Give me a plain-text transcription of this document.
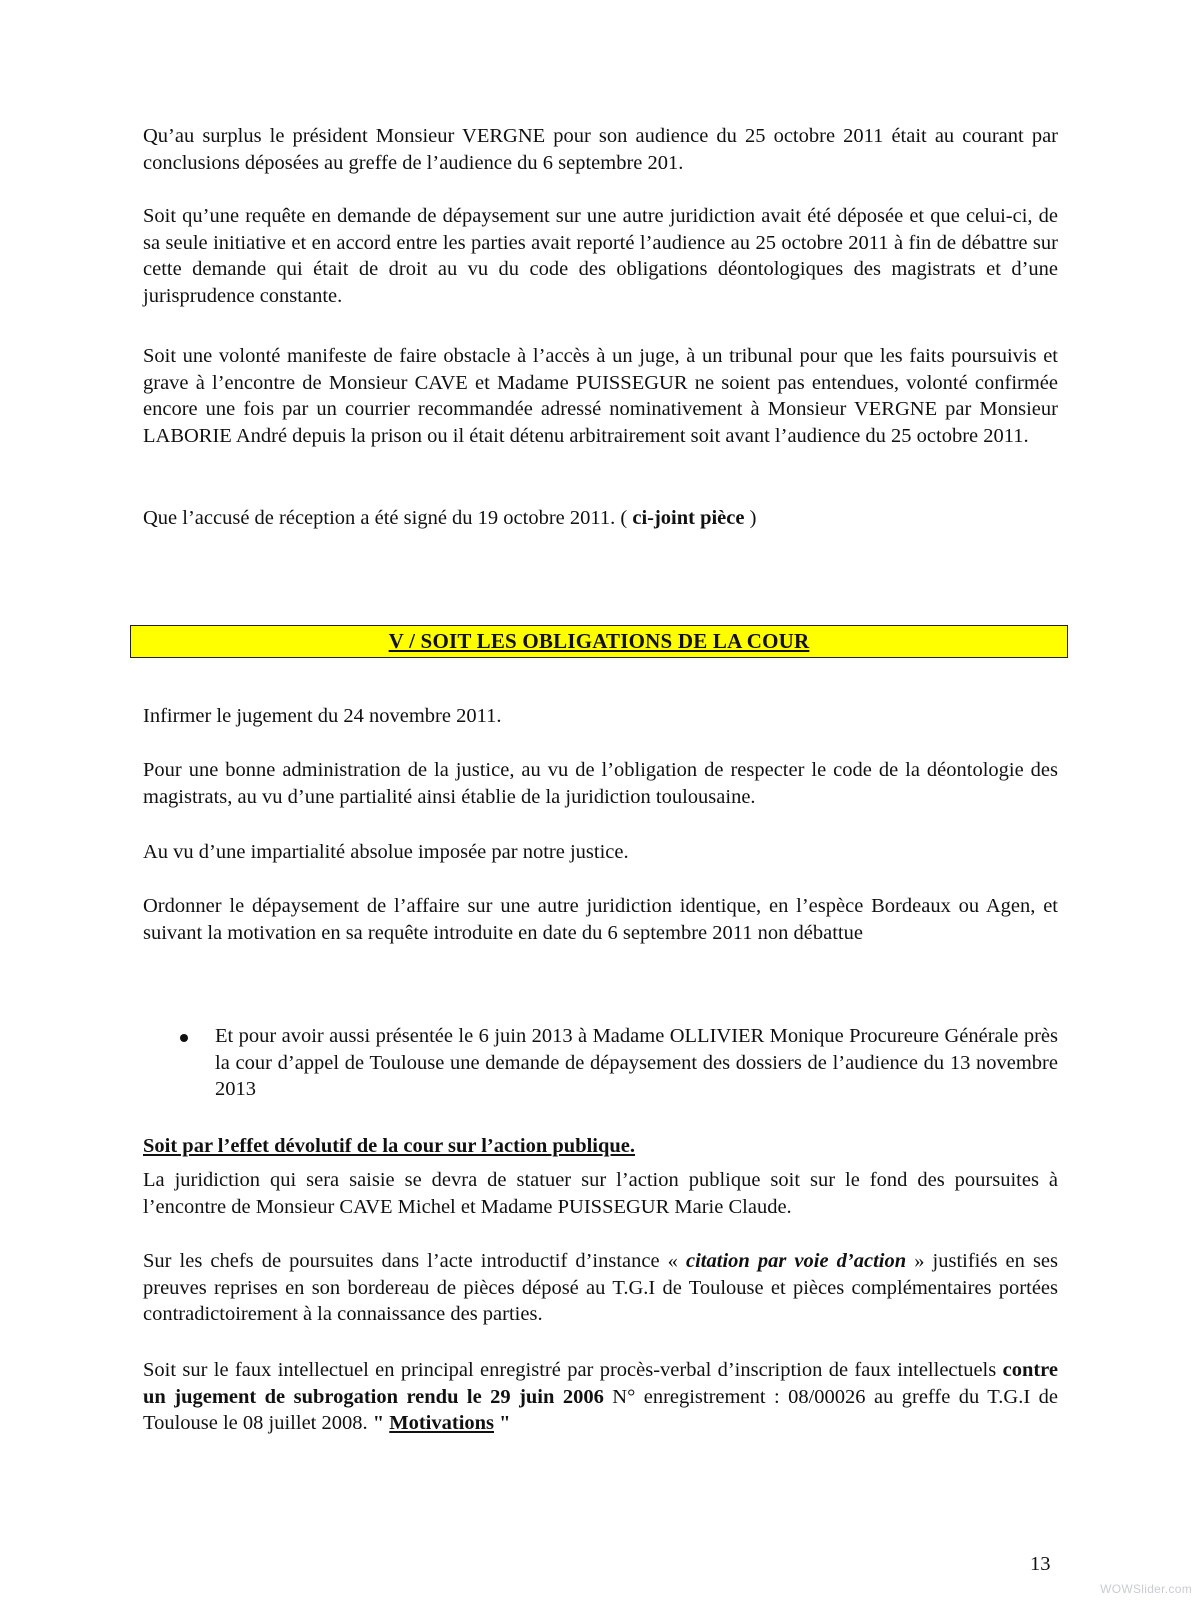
Qu’au surplus le président Monsieur VERGNE pour son audience du 25 octobre 2011 était au courant par conclusions déposées au greffe de l’audience du 6 septembre 201.

Soit qu’une requête en demande de dépaysement sur une autre juridiction avait été déposée et que celui-ci, de sa seule initiative et en accord entre les parties avait reporté l’audience au 25 octobre 2011 à fin de débattre sur cette demande qui était de droit au vu du code des obligations déontologiques des magistrats et d’une jurisprudence constante.

Soit une volonté manifeste de faire obstacle à l’accès à un juge, à un tribunal pour que les faits poursuivis et grave à l’encontre de Monsieur CAVE et Madame PUISSEGUR ne soient pas entendues, volonté confirmée encore une fois par un courrier recommandée adressé nominativement à Monsieur VERGNE par Monsieur LABORIE André depuis la prison ou il était détenu arbitrairement soit avant l’audience du 25 octobre 2011.

Que l’accusé de réception a été signé du 19 octobre 2011. ( ci-joint pièce )

V / SOIT LES OBLIGATIONS DE LA COUR

Infirmer le jugement du 24 novembre 2011.

Pour une bonne administration de la justice, au vu de l’obligation de respecter le code de la déontologie des magistrats, au vu d’une partialité ainsi établie de la juridiction toulousaine.

Au vu d’une impartialité absolue imposée par notre justice.

Ordonner le dépaysement de l’affaire sur une autre juridiction identique, en l’espèce Bordeaux ou Agen, et suivant la motivation en sa requête introduite en date du 6 septembre 2011 non débattue

Et pour avoir aussi présentée le 6 juin 2013 à Madame OLLIVIER Monique Procureure Générale près la cour d’appel de Toulouse une demande de dépaysement des dossiers de l’audience du 13 novembre 2013

Soit par l’effet dévolutif de la cour sur l’action publique.

La juridiction qui sera saisie se devra de statuer sur l’action publique soit sur le fond des poursuites à l’encontre de Monsieur CAVE Michel et Madame PUISSEGUR Marie Claude.

Sur les chefs de poursuites dans l’acte introductif d’instance « citation par voie d’action » justifiés en ses preuves reprises en son bordereau de pièces déposé au T.G.I de Toulouse et pièces complémentaires portées contradictoirement à la connaissance des parties.

Soit sur le faux intellectuel en principal enregistré par procès-verbal d’inscription de faux intellectuels contre un jugement de subrogation rendu le 29 juin 2006 N° enregistrement : 08/00026 au greffe du T.G.I de Toulouse le 08 juillet 2008. " Motivations "

13
WOWSlider.com
